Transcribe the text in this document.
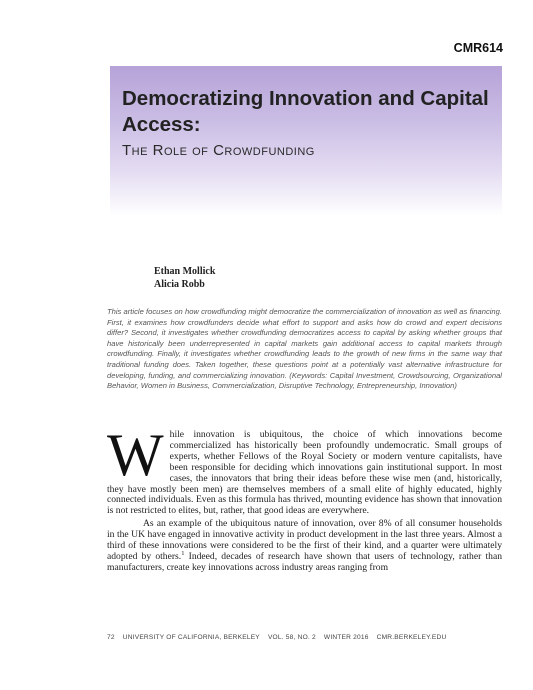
CMR614
Democratizing Innovation and Capital Access:
The Role of Crowdfunding
Ethan Mollick
Alicia Robb

This article focuses on how crowdfunding might democratize the commercialization of innovation as well as financing. First, it examines how crowdfunders decide what effort to support and asks how do crowd and expert decisions differ? Second, it investigates whether crowdfunding democratizes access to capital by asking whether groups that have historically been underrepresented in capital markets gain additional access to capital markets through crowdfunding. Finally, it investigates whether crowdfunding leads to the growth of new firms in the same way that traditional funding does. Taken together, these questions point at a potentially vast alternative infrastructure for developing, funding, and commercializing innovation. (Keywords: Capital Investment, Crowdsourcing, Organizational Behavior, Women in Business, Commercialization, Disruptive Technology, Entrepreneurship, Innovation)

While innovation is ubiquitous, the choice of which innovations become commercialized has historically been profoundly undemocratic. Small groups of experts, whether Fellows of the Royal Society or modern venture capitalists, have been responsible for deciding which innovations gain institutional support. In most cases, the innovators that bring their ideas before these wise men (and, historically, they have mostly been men) are themselves members of a small elite of highly educated, highly connected individuals. Even as this formula has thrived, mounting evidence has shown that innovation is not restricted to elites, but, rather, that good ideas are everywhere.

As an example of the ubiquitous nature of innovation, over 8% of all consumer households in the UK have engaged in innovative activity in product development in the last three years. Almost a third of these innovations were considered to be the first of their kind, and a quarter were ultimately adopted by others.$^1$ Indeed, decades of research have shown that users of technology, rather than manufacturers, create key innovations across industry areas ranging from

72 UNIVERSITY OF CALIFORNIA, BERKELEY VOL. 58, NO. 2 WINTER 2016 CMR.BERKELEY.EDU
